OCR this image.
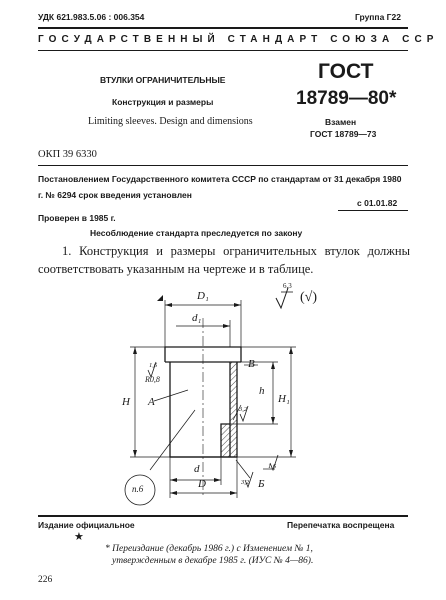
УДК 621.983.5.06 : 006.354	Группа Г22
ГОСУДАРСТВЕННЫЙ СТАНДАРТ СОЮЗА ССР
ВТУЛКИ ОГРАНИЧИТЕЛЬНЫЕ
Конструкция и размеры
Limiting sleeves. Design and dimensions
ГОСТ
18789—80*
Взамен
ГОСТ 18789—73
ОКП 39 6330
Постановлением Государственного комитета СССР по стандартам от 31 декабря 1980 г. № 6294 срок введения установлен
с 01.01.82
Проверен в 1985 г.
Несоблюдение стандарта преследуется по закону
1. Конструкция и размеры ограничительных втулок должны соответствовать указанным на чертеже и в таблице.
6,3
(√)
D₁
d₁
В
А
Б
h
H₁
H
d
D
1,6
R0,8
3,2
1,6
3,2
п.6
Издание официальное	Перепечатка воспрещена
★
* Переиздание (декабрь 1986 г.) с Изменением № 1,
утвержденным в декабре 1985 г. (ИУС № 4—86).
226
